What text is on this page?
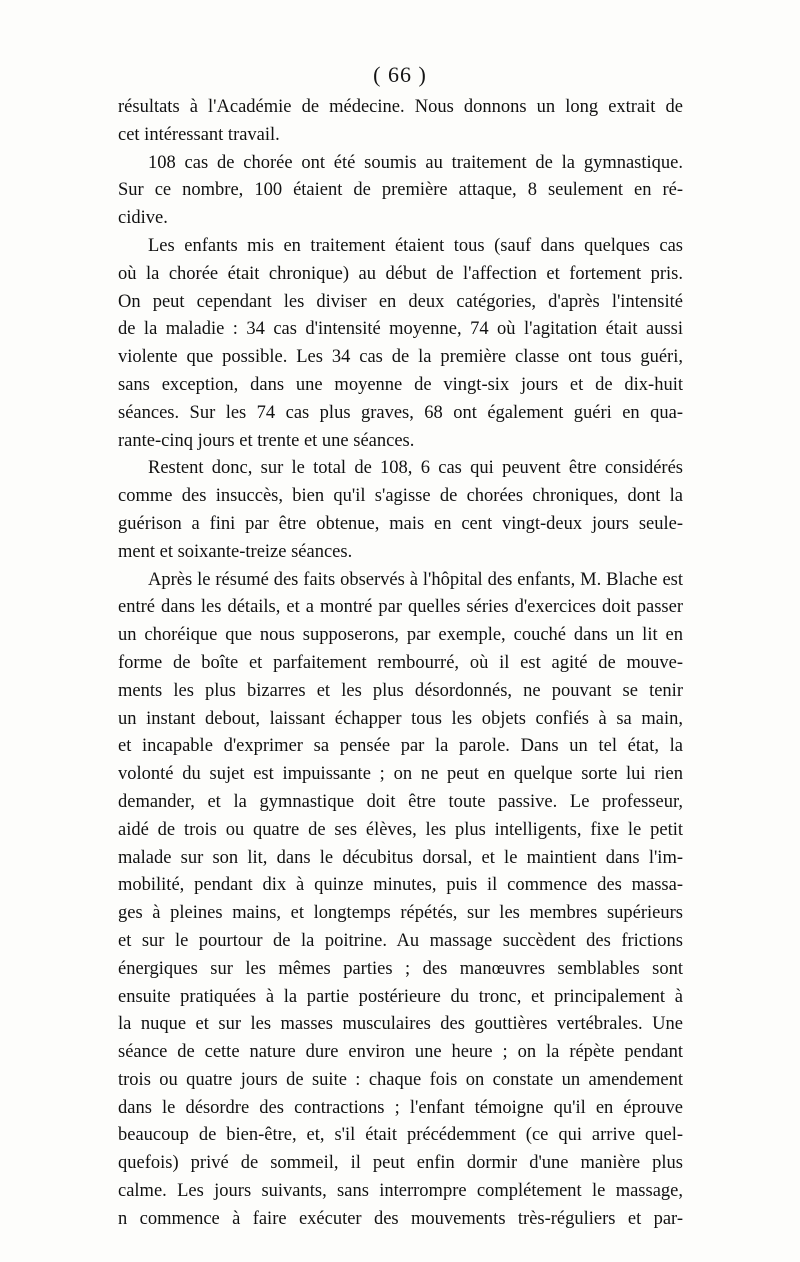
( 66 )
résultats à l'Académie de médecine. Nous donnons un long extrait de
cet intéressant travail.
108 cas de chorée ont été soumis au traitement de la gymnastique.
Sur ce nombre, 100 étaient de première attaque, 8 seulement en ré-
cidive.
Les enfants mis en traitement étaient tous (sauf dans quelques cas
où la chorée était chronique) au début de l'affection et fortement pris.
On peut cependant les diviser en deux catégories, d'après l'intensité
de la maladie : 34 cas d'intensité moyenne, 74 où l'agitation était aussi
violente que possible. Les 34 cas de la première classe ont tous guéri,
sans exception, dans une moyenne de vingt-six jours et de dix-huit
séances. Sur les 74 cas plus graves, 68 ont également guéri en qua-
rante-cinq jours et trente et une séances.
Restent donc, sur le total de 108, 6 cas qui peuvent être considérés
comme des insuccès, bien qu'il s'agisse de chorées chroniques, dont la
guérison a fini par être obtenue, mais en cent vingt-deux jours seule-
ment et soixante-treize séances.
Après le résumé des faits observés à l'hôpital des enfants, M. Blache est
entré dans les détails, et a montré par quelles séries d'exercices doit passer
un choréique que nous supposerons, par exemple, couché dans un lit en
forme de boîte et parfaitement rembourré, où il est agité de mouve-
ments les plus bizarres et les plus désordonnés, ne pouvant se tenir
un instant debout, laissant échapper tous les objets confiés à sa main,
et incapable d'exprimer sa pensée par la parole. Dans un tel état, la
volonté du sujet est impuissante ; on ne peut en quelque sorte lui rien
demander, et la gymnastique doit être toute passive. Le professeur,
aidé de trois ou quatre de ses élèves, les plus intelligents, fixe le petit
malade sur son lit, dans le décubitus dorsal, et le maintient dans l'im-
mobilité, pendant dix à quinze minutes, puis il commence des massa-
ges à pleines mains, et longtemps répétés, sur les membres supérieurs
et sur le pourtour de la poitrine. Au massage succèdent des frictions
énergiques sur les mêmes parties ; des manœuvres semblables sont
ensuite pratiquées à la partie postérieure du tronc, et principalement à
la nuque et sur les masses musculaires des gouttières vertébrales. Une
séance de cette nature dure environ une heure ; on la répète pendant
trois ou quatre jours de suite : chaque fois on constate un amendement
dans le désordre des contractions ; l'enfant témoigne qu'il en éprouve
beaucoup de bien-être, et, s'il était précédemment (ce qui arrive quel-
quefois) privé de sommeil, il peut enfin dormir d'une manière plus
calme. Les jours suivants, sans interrompre complétement le massage,
n commence à faire exécuter des mouvements très-réguliers et par-
